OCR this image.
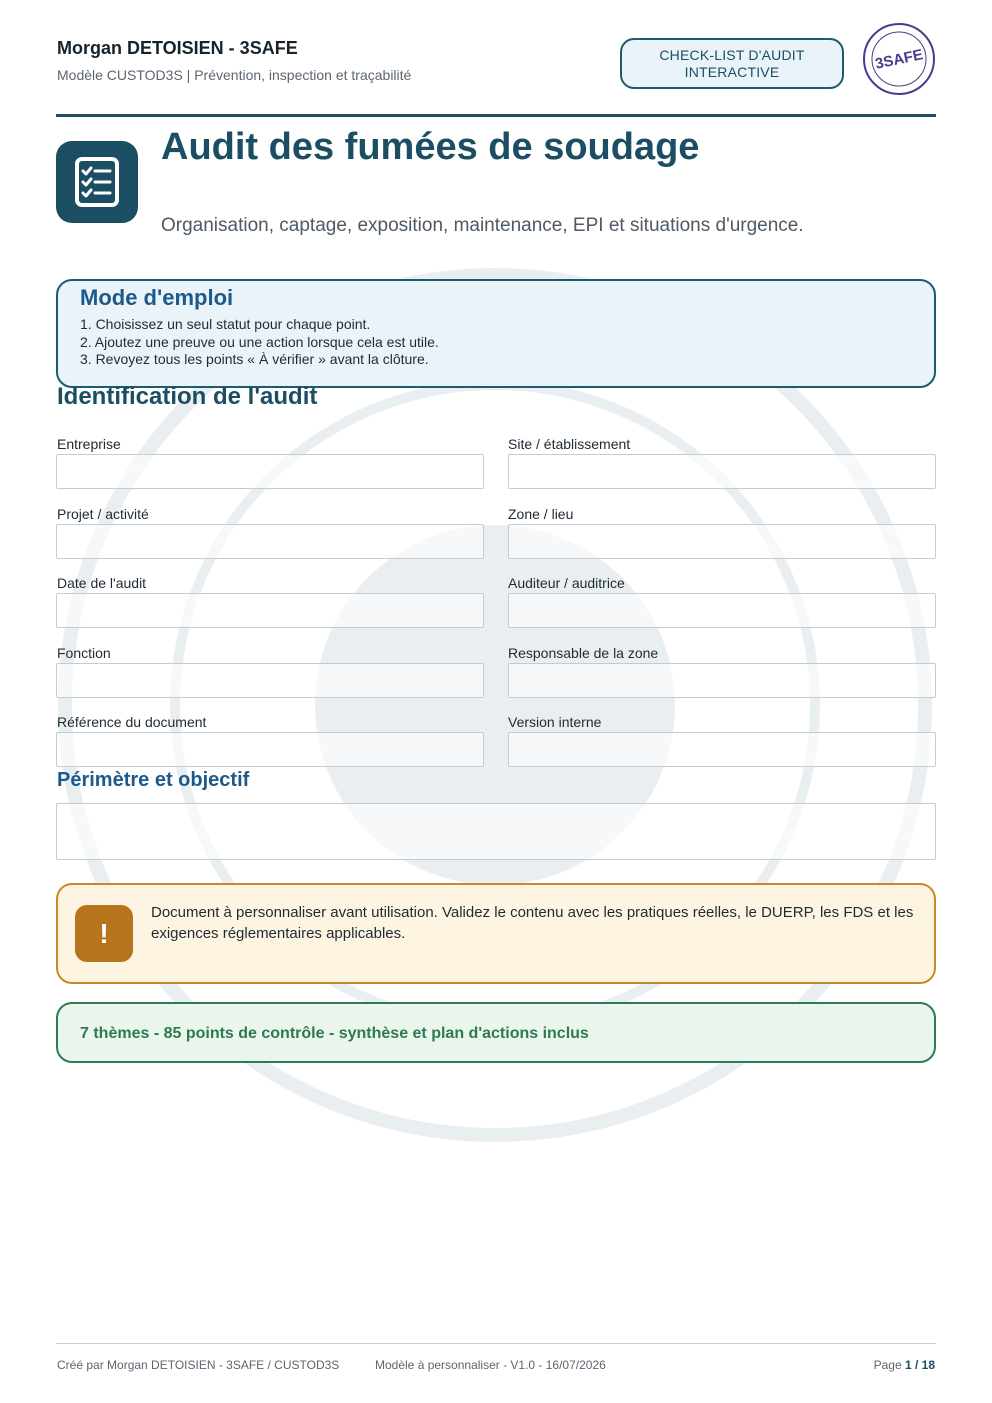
Morgan DETOISIEN - 3SAFE
Modèle CUSTOD3S | Prévention, inspection et traçabilité
CHECK-LIST D'AUDIT
INTERACTIVE	3SAFE
Audit des fumées de soudage
Organisation, captage, exposition, maintenance, EPI et situations d'urgence.
Mode d'emploi
1. Choisissez un seul statut pour chaque point.
2. Ajoutez une preuve ou une action lorsque cela est utile.
3. Revoyez tous les points « À vérifier » avant la clôture.
Identification de l'audit
Entreprise	Site / établissement
Projet / activité	Zone / lieu
Date de l'audit	Auditeur / auditrice
Fonction	Responsable de la zone
Référence du document	Version interne
Périmètre et objectif
!
Document à personnaliser avant utilisation. Validez le contenu avec les pratiques réelles, le DUERP, les FDS et les exigences réglementaires applicables.
7 thèmes - 85 points de contrôle - synthèse et plan d'actions inclus
Créé par Morgan DETOISIEN - 3SAFE / CUSTOD3S	Modèle à personnaliser - V1.0 - 16/07/2026	Page 1 / 18
